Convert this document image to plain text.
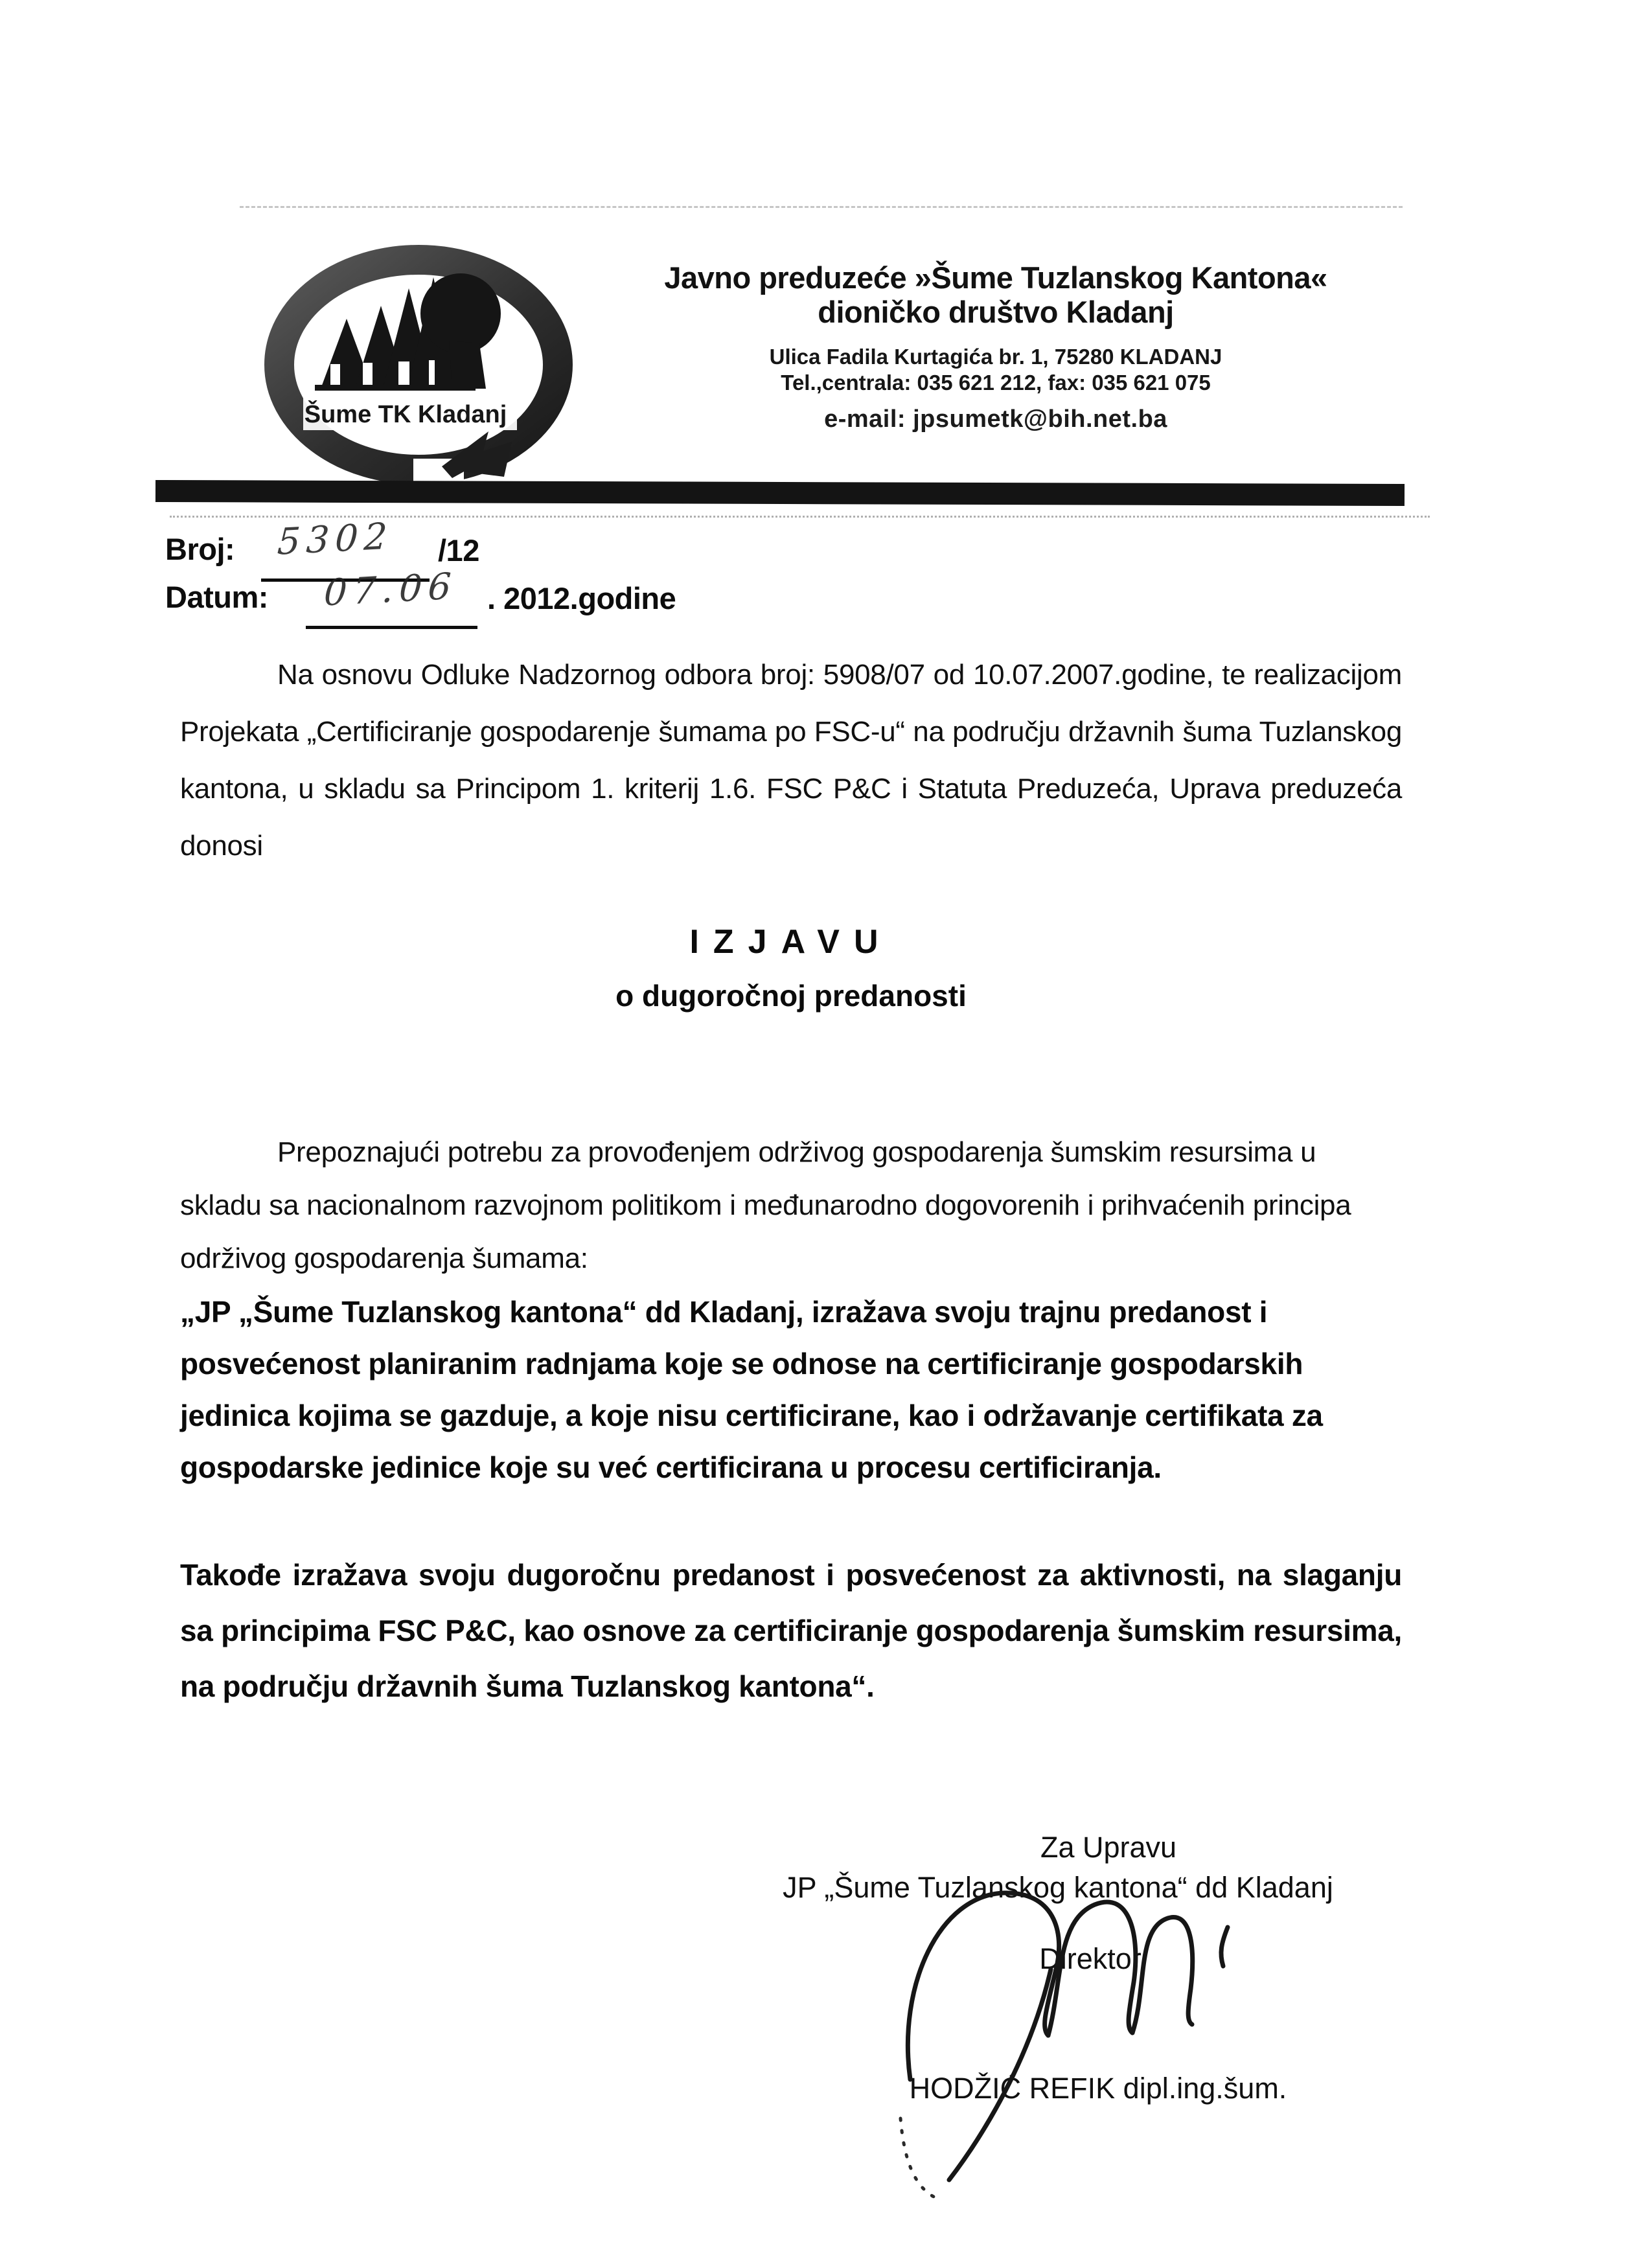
Šume TK Kladanj
Javno preduzeće »Šume Tuzlanskog Kantona«
dioničko društvo Kladanj
Ulica Fadila Kurtagića br. 1, 75280 KLADANJ
Tel.,centrala: 035 621 212, fax: 035 621 075
e-mail: jpsumetk@bih.net.ba
Broj: 5302 /12
Datum: 07.06 . 2012.godine
Na osnovu Odluke Nadzornog odbora broj: 5908/07 od 10.07.2007.godine, te realizacijom Projekata „Certificiranje gospodarenje šumama po FSC-u“ na području državnih šuma Tuzlanskog kantona, u skladu sa Principom 1. kriterij 1.6. FSC P&C i Statuta Preduzeća, Uprava preduzeća donosi
IZJAVU
o dugoročnoj predanosti
Prepoznajući potrebu za provođenjem održivog gospodarenja šumskim resursima u skladu sa nacionalnom razvojnom politikom i međunarodno dogovorenih i prihvaćenih principa održivog gospodarenja šumama:
„JP „Šume Tuzlanskog kantona“ dd Kladanj, izražava svoju trajnu predanost i posvećenost planiranim radnjama koje se odnose na certificiranje gospodarskih jedinica kojima se gazduje, a koje nisu certificirane, kao i održavanje certifikata za gospodarske jedinice koje su već certificirana u procesu certificiranja.
Takođe izražava svoju dugoročnu predanost i posvećenost za aktivnosti, na slaganju sa principima FSC P&C, kao osnove za certificiranje gospodarenja šumskim resursima, na području državnih šuma Tuzlanskog kantona“.
Za Upravu
JP „Šume Tuzlanskog kantona“ dd Kladanj
Direktor
HODŽIĆ REFIK dipl.ing.šum.
